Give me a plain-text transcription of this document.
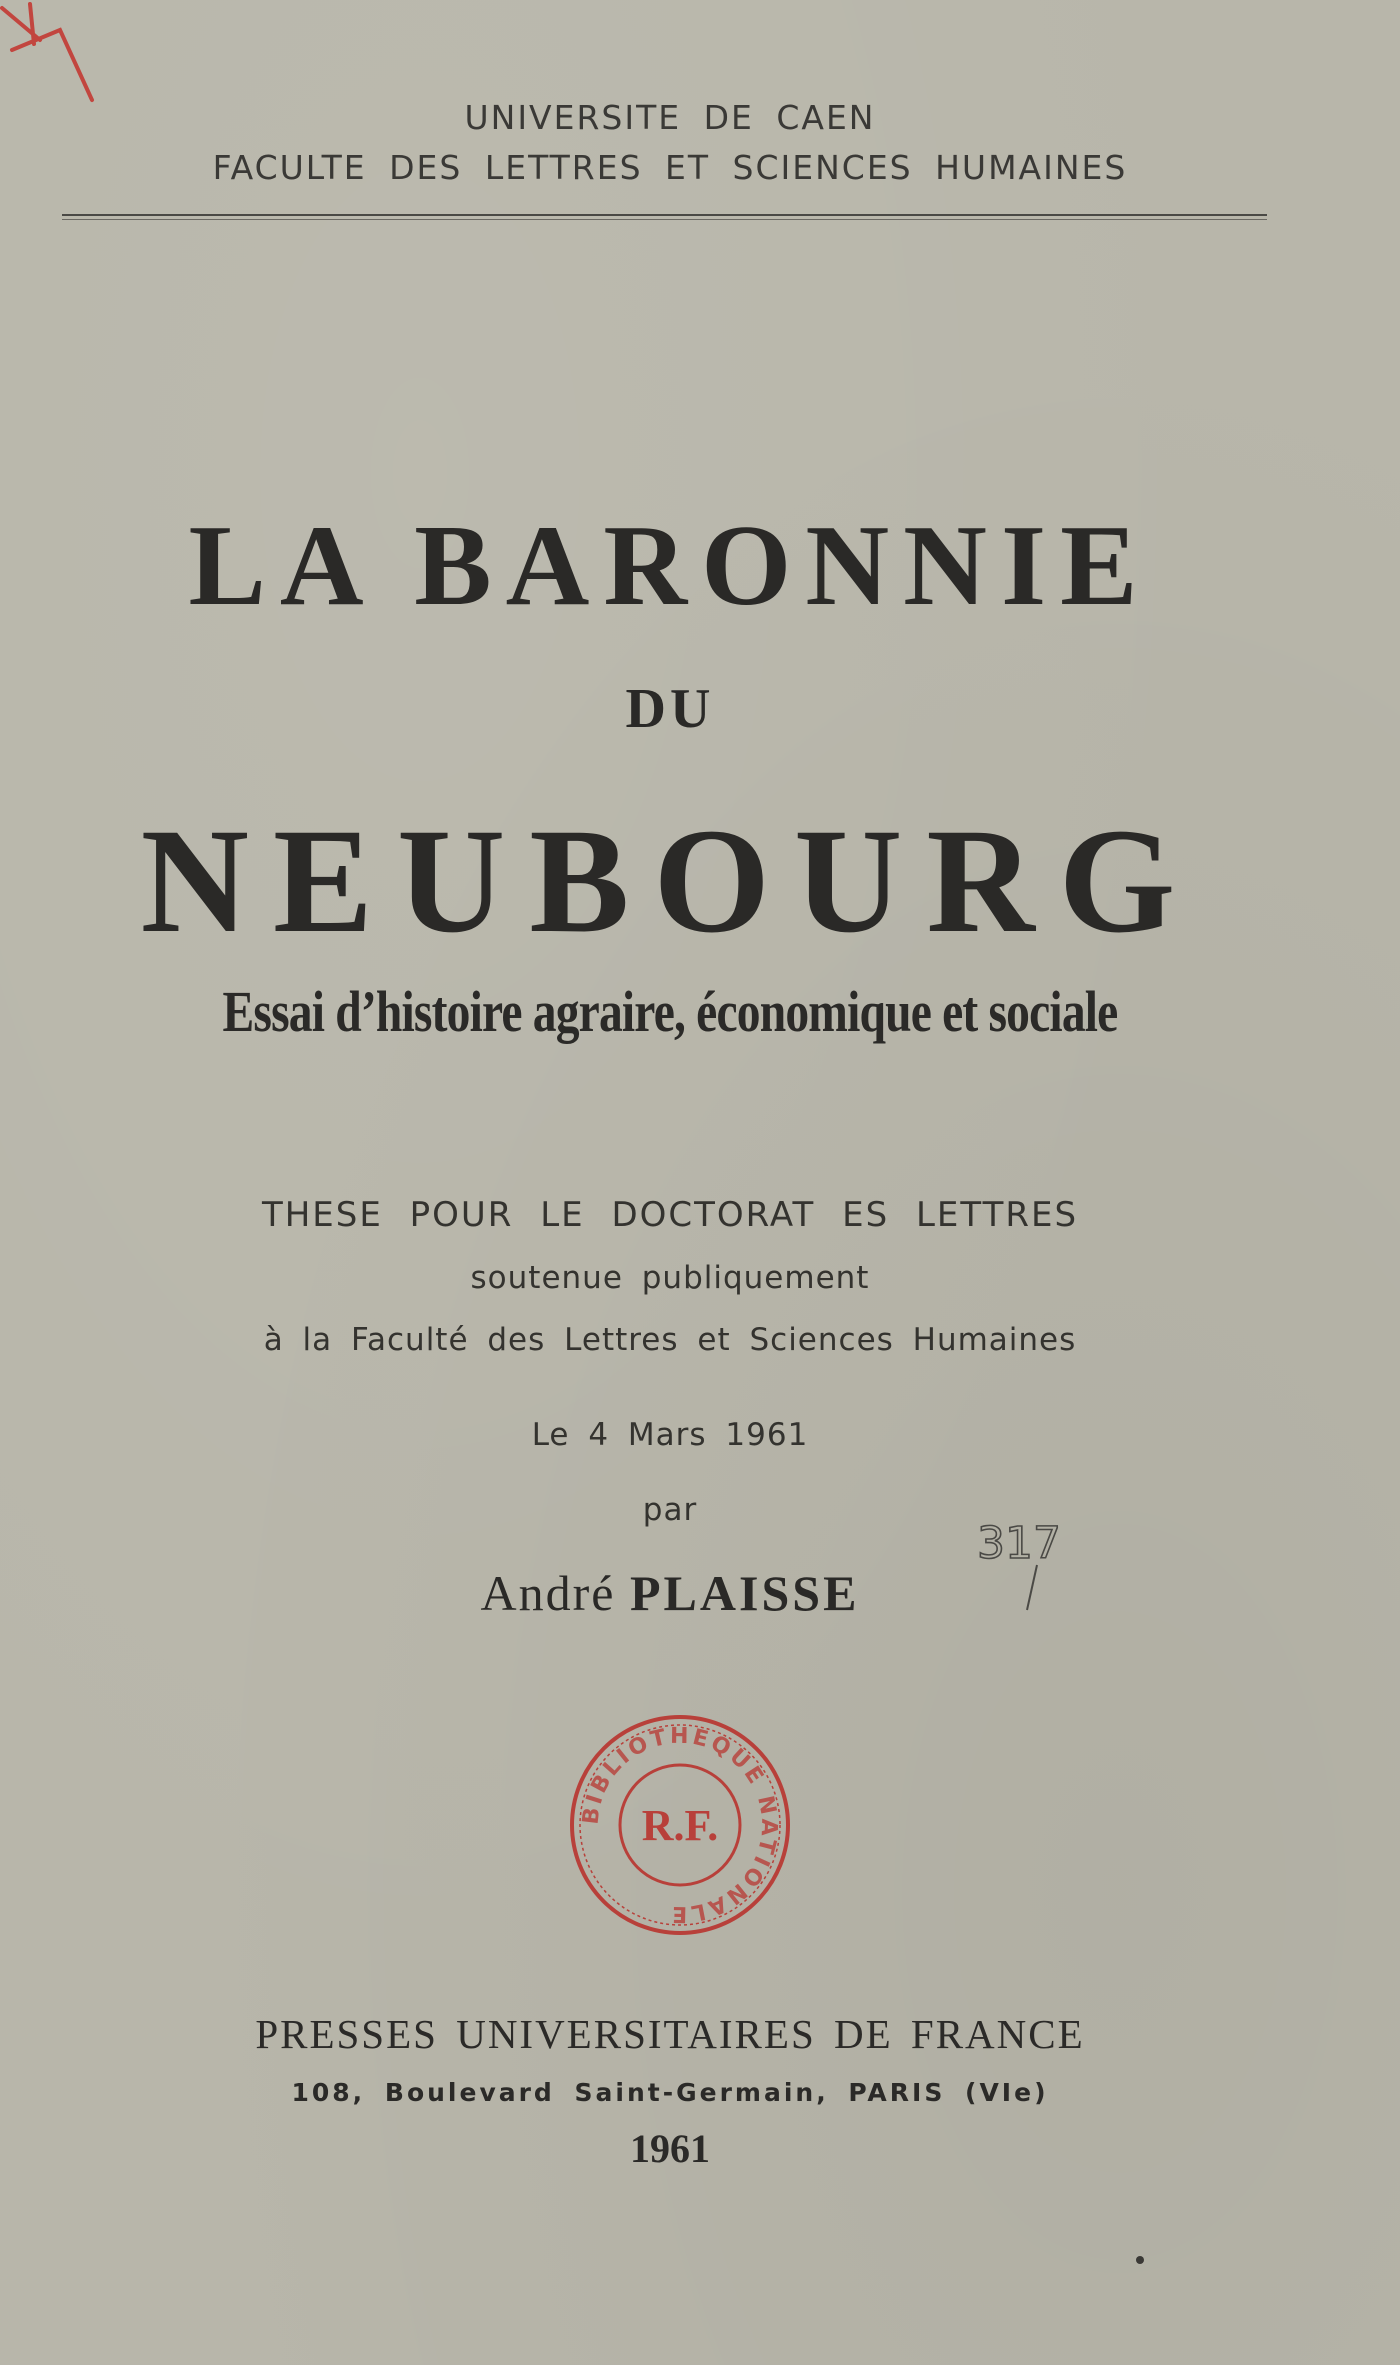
UNIVERSITE DE CAEN
FACULTE DES LETTRES ET SCIENCES HUMAINES
LA BARONNIE
DU
NEUBOURG
Essai d’histoire agraire, économique et sociale
THESE POUR LE DOCTORAT ES LETTRES
soutenue publiquement
à la Faculté des Lettres et Sciences Humaines
Le 4 Mars 1961
par
André PLAISSE
317
BIBLIOTHEQUE NATIONALE
R.F.
PRESSES UNIVERSITAIRES DE FRANCE
108, Boulevard Saint-Germain, PARIS (VIe)
1961
